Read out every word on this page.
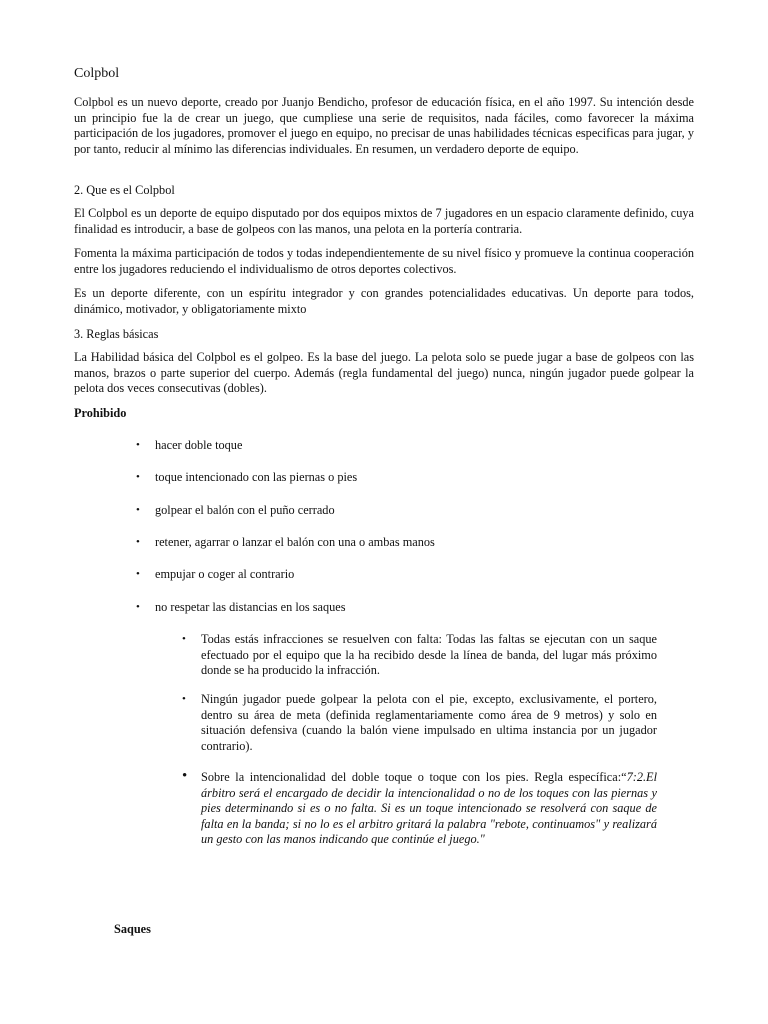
Colpbol

Colpbol es un nuevo deporte, creado por Juanjo Bendicho, profesor de educación física, en el año 1997. Su intención desde un principio fue la de crear un juego, que cumpliese una serie de requisitos, nada fáciles, como favorecer la máxima participación de los jugadores, promover el juego en equipo, no precisar de unas habilidades técnicas especificas para jugar, y por tanto, reducir al mínimo las diferencias individuales. En resumen, un verdadero deporte de equipo.

2. Que es el Colpbol

El Colpbol es un deporte de equipo disputado por dos equipos mixtos de 7 jugadores en un espacio claramente definido, cuya finalidad es introducir, a base de golpeos con las manos, una pelota en la portería contraria.

Fomenta la máxima participación de todos y todas independientemente de su nivel físico y promueve la continua cooperación entre los jugadores reduciendo el individualismo de otros deportes colectivos.

Es un deporte diferente, con un espíritu integrador y con grandes potencialidades educativas. Un deporte para todos, dinámico, motivador, y obligatoriamente mixto

3. Reglas básicas

La Habilidad básica del Colpbol es el golpeo. Es la base del juego. La pelota solo se puede jugar a base de golpeos con las manos, brazos o parte superior del cuerpo. Además (regla fundamental del juego) nunca, ningún jugador puede golpear la pelota dos veces consecutivas (dobles).

Prohibido

• hacer doble toque
• toque intencionado con las piernas o pies
• golpear el balón con el puño cerrado
• retener, agarrar o lanzar el balón con una o ambas manos
• empujar o coger al contrario
• no respetar las distancias en los saques
• Todas estás infracciones se resuelven con falta: Todas las faltas se ejecutan con un saque efectuado por el equipo que la ha recibido desde la línea de banda, del lugar más próximo donde se ha producido la infracción.
• Ningún jugador puede golpear la pelota con el pie, excepto, exclusivamente, el portero, dentro su área de meta (definida reglamentariamente como área de 9 metros) y solo en situación defensiva (cuando la balón viene impulsado en ultima instancia por un jugador contrario).
• Sobre la intencionalidad del doble toque o toque con los pies. Regla específica:“7:2.El árbitro será el encargado de decidir la intencionalidad o no de los toques con las piernas y pies determinando si es o no falta. Si es un toque intencionado se resolverá con saque de falta en la banda; si no lo es el arbitro gritará la palabra "rebote, continuamos" y realizará un gesto con las manos indicando que continúe el juego."

Saques
